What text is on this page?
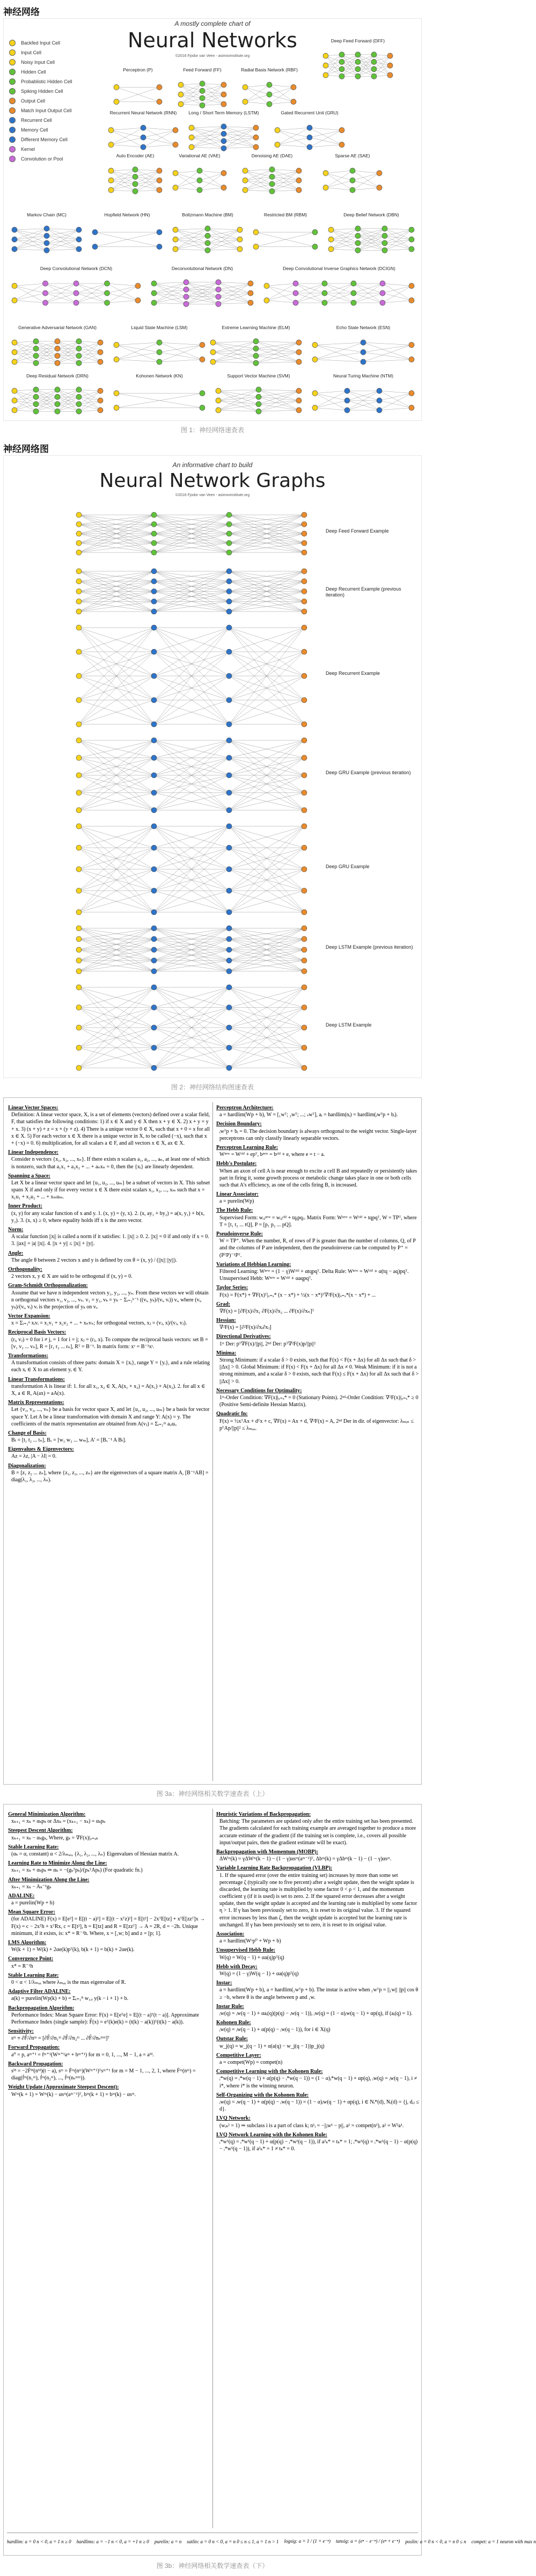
神经网络
A mostly complete chart of
Neural Networks
©2016 Fjodor van Veen - asimovinstitute.org
Backfed Input Cell
Input Cell
Noisy Input Cell
Hidden Cell
Probablistic Hidden Cell
Spiking Hidden Cell
Output Cell
Match Input Output Cell
Recurrent Cell
Memory Cell
Different Memory Cell
Kernel
Convolution or Pool
Perceptron (P)	Feed Forward (FF)	Radial Basis Network (RBF)
Deep Feed Forward (DFF)
Recurrent Neural Network (RNN)	Long / Short Term Memory (LSTM)	Gated Recurrent Unit (GRU)
Auto Encoder (AE)	Variational AE (VAE)	Denoising AE (DAE)	Sparse AE (SAE)
Markov Chain (MC)	Hopfield Network (HN)	Boltzmann Machine (BM)	Restricted BM (RBM)	Deep Belief Network (DBN)
Deep Convolutional Network (DCN)	Deconvolutional Network (DN)	Deep Convolutional Inverse Graphics Network (DCIGN)
Generative Adversarial Network (GAN)	Liquid State Machine (LSM)	Extreme Learning Machine (ELM)	Echo State Network (ESN)
Deep Residual Network (DRN)	Kohonen Network (KN)	Support Vector Machine (SVM)	Neural Turing Machine (NTM)
图 1：神经网络速查表
神经网络图
An informative chart to build
Neural Network Graphs
©2016 Fjodor van Veen - asimovinstitute.org
Deep Feed Forward Example
Deep Recurrent Example (previous iteration)
Deep Recurrent Example
Deep GRU Example (previous iteration)
Deep GRU Example
Deep LSTM Example (previous iteration)
Deep LSTM Example
图 2：神经网络结构图速查表
Linear Vector Spaces:
Definition: A linear vector space, X, is a set of elements (vectors) defined over a scalar field, F, that satisfies the following conditions: 1) if x ∈ X and y ∈ X then x + y ∈ X. 2) x + y = y + x. 3) (x + y) + z = x + (y + z). 4) There is a unique vector 0 ∈ X, such that x + 0 = x for all x ∈ X. 5) For each vector x ∈ X there is a unique vector in X, to be called (−x), such that x + (−x) = 0. 6) multiplication, for all scalars a ∈ F, and all vectors x ∈ X, ax ∈ X.
Linear Independence:
Consider n vectors {x₁, x₂, ..., xₙ}. If there exists n scalars a₁, a₂, ..., aₙ, at least one of which is nonzero, such that a₁x₁ + a₂x₂ + ... + aₙxₙ = 0, then the {xᵢ} are linearly dependent.
Spanning a Space:
Let X be a linear vector space and let {u₁, u₂, ..., uₘ} be a subset of vectors in X. This subset spans X if and only if for every vector x ∈ X there exist scalars x₁, x₂, ..., xₘ such that x = x₁u₁ + x₂u₂ + ... + xₘuₘ.
Inner Product:
(x, y) for any scalar function of x and y. 1. (x, y) = (y, x). 2. (x, ay₁ + by₂) = a(x, y₁) + b(x, y₂). 3. (x, x) ≥ 0, where equality holds iff x is the zero vector.
Norm:
A scalar function ||x|| is called a norm if it satisfies: 1. ||x|| ≥ 0. 2. ||x|| = 0 if and only if x = 0. 3. ||ax|| = |a| ||x||. 4. ||x + y|| ≤ ||x|| + ||y||.
Angle:
The angle θ between 2 vectors x and y is defined by cos θ = (x, y) / (||x|| ||y||).
Orthogonality:
2 vectors x, y ∈ X are said to be orthogonal if (x, y) = 0.
Gram-Schmidt Orthogonalization:
Assume that we have n independent vectors y₁, y₂, ..., yₙ. From these vectors we will obtain n orthogonal vectors v₁, v₂, ..., vₙ. v₁ = y₁, vₖ = yₖ − Σᵢ₌₁ᵏ⁻¹ ((vᵢ, yₖ)/(vᵢ, vᵢ)) vᵢ, where (vᵢ, yₖ)/(vᵢ, vᵢ) vᵢ is the projection of yₖ on vᵢ.
Vector Expansion:
x = Σᵢ₌₁ⁿ xᵢvᵢ = x₁v₁ + x₂v₂ + ... + xₙvₙ; for orthogonal vectors, xⱼ = (vⱼ, x)/(vⱼ, vⱼ).
Reciprocal Basis Vectors:
(rᵢ, vⱼ) = 0 for i ≠ j, = 1 for i = j; xⱼ = (rⱼ, x). To compute the reciprocal basis vectors: set B = [v₁ v₂ ... vₙ], R = [r₁ r₂ ... rₙ], Rᵀ = B⁻¹. In matrix form: xᵛ = B⁻¹xˢ.
Transformations:
A transformation consists of three parts: domain X = {xᵢ}, range Y = {yᵢ}, and a rule relating each xᵢ ∈ X to an element yᵢ ∈ Y.
Linear Transformations:
transformation A is linear if: 1. for all x₁, x₂ ∈ X, A(x₁ + x₂) = A(x₁) + A(x₂). 2. for all x ∈ X, a ∈ R, A(ax) = aA(x).
Matrix Representations:
Let {v₁, v₂, ..., vₙ} be a basis for vector space X, and let {u₁, u₂, ..., uₘ} be a basis for vector space Y. Let A be a linear transformation with domain X and range Y: A(x) = y. The coefficients of the matrix representation are obtained from A(vⱼ) = Σᵢ₌₁ᵐ aᵢⱼuᵢ.
Change of Basis:
Bₜ = [t₁ t₂ ... tₙ], Bᵥ = [w₁ w₂ ... wₘ], A' = [Bᵥ⁻¹ A Bₜ].
Eigenvalues & Eigenvectors:
Az = λz, |A − λI| = 0.
Diagonalization:
B = [z₁ z₂ ... zₙ], where {z₁, z₂, ..., zₙ} are the eigenvectors of a square matrix A, [B⁻¹AB] = diag(λ₁, λ₂, ..., λₙ).
Perceptron Architecture:
a = hardlim(Wp + b), W = [₁wᵀ; ₂wᵀ; ...; ₛwᵀ], aᵢ = hardlim(nᵢ) = hardlim(ᵢwᵀp + bᵢ).
Decision Boundary:
ᵢwᵀp + bᵢ = 0. The decision boundary is always orthogonal to the weight vector. Single-layer perceptrons can only classify linearly separable vectors.
Perceptron Learning Rule:
Wⁿᵉʷ = Wᵒˡᵈ + epᵀ, bⁿᵉʷ = bᵒˡᵈ + e, where e = t − a.
Hebb's Postulate:
When an axon of cell A is near enough to excite a cell B and repeatedly or persistently takes part in firing it, some growth process or metabolic change takes place in one or both cells such that A's efficiency, as one of the cells firing B, is increased.
Linear Associator:
a = purelin(Wp)
The Hebb Rule:
Supervised Form: wᵢⱼⁿᵉʷ = wᵢⱼᵒˡᵈ + tqᵢpqⱼ. Matrix Form: Wⁿᵉʷ = Wᵒˡᵈ + tqpqᵀ, W = TPᵀ, where T = [t₁ t₂ ... tQ], P = [p₁ p₂ ... pQ].
Pseudoinverse Rule:
W = TP⁺. When the number, R, of rows of P is greater than the number of columns, Q, of P and the columns of P are independent, then the pseudoinverse can be computed by P⁺ = (PᵀP)⁻¹Pᵀ.
Variations of Hebbian Learning:
Filtered Learning: Wⁿᵉʷ = (1 − γ)Wᵒˡᵈ + αtqpqᵀ. Delta Rule: Wⁿᵉʷ = Wᵒˡᵈ + α(tq − aq)pqᵀ. Unsupervised Hebb: Wⁿᵉʷ = Wᵒˡᵈ + αaqpqᵀ.
Taylor Series:
F(x) = F(x*) + ∇F(x)ᵀ|ₓ₌ₓ* (x − x*) + ½(x − x*)ᵀ∇²F(x)|ₓ₌ₓ*(x − x*) + ...
Grad:
∇F(x) = [∂F(x)/∂x₁ ∂F(x)/∂x₂ ... ∂F(x)/∂xₙ]ᵀ
Hessian:
∇²F(x) = [∂²F(x)/∂xᵢ∂xⱼ]
Directional Derivatives:
1ˢᵗ Der: pᵀ∇F(x)/||p||, 2ⁿᵈ Der: pᵀ∇²F(x)p/||p||²
Minima:
Strong Minimum: if a scalar δ > 0 exists, such that F(x) < F(x + Δx) for all Δx such that δ > ||Δx|| > 0. Global Minimum: if F(x) < F(x + Δx) for all Δx ≠ 0. Weak Minimum: if it is not a strong minimum, and a scalar δ > 0 exists, such that F(x) ≤ F(x + Δx) for all Δx such that δ > ||Δx|| > 0.
Necessary Conditions for Optimality:
1ˢᵗ-Order Condition: ∇F(x)|ₓ₌ₓ* = 0 (Stationary Points). 2ⁿᵈ-Order Condition: ∇²F(x)|ₓ₌ₓ* ≥ 0 (Positive Semi-definite Hessian Matrix).
Quadratic fn:
F(x) = ½xᵀAx + dᵀx + c, ∇F(x) = Ax + d, ∇²F(x) = A, 2ⁿᵈ Der in dir. of eigenvector: λₘᵢₙ ≤ pᵀAp/||p||² ≤ λₘₐₓ.
图 3a：神经网络相关数学速查表（上）
General Minimization Algorithm:
xₖ₊₁ = xₖ + αₖpₖ or Δxₖ = (xₖ₊₁ − xₖ) = αₖpₖ
Steepest Descent Algorithm:
xₖ₊₁ = xₖ − αₖgₖ, Where, gₖ = ∇F(x)|ₓ₌ₓₖ
Stable Learning Rate:
(αₖ = α, constant) α < 2/λₘₐₓ, {λ₁, λ₂, ..., λₙ} Eigenvalues of Hessian matrix A.
Learning Rate to Minimize Along the Line:
xₖ₊₁ = xₖ + αₖpₖ ⇒ αₖ = −(gₖᵀpₖ)/(pₖᵀApₖ) (For quadratic fn.)
After Minimization Along the Line:
xₖ₊₁ = xₖ − Aₖ⁻¹gₖ
ADALINE:
a = purelin(Wp + b)
Mean Square Error:
(for ADALINE) F(x) = E[e²] = E[(t − a)²] = E[(t − xᵀz)²] = E[t²] − 2xᵀE[tz] + xᵀE[zzᵀ]x → F(x) = c − 2xᵀh + xᵀRx, c = E[t²], h = E[tz] and R = E[zzᵀ] → A = 2R, d = −2h. Unique minimum, if it exists, is: x* = R⁻¹h. Where, x = [₁w; b] and z = [p; 1].
LMS Algorithm:
W(k + 1) = W(k) + 2αe(k)pᵀ(k), b(k + 1) = b(k) + 2αe(k).
Convergence Point:
x* = R⁻¹h
Stable Learning Rate:
0 < α < 1/λₘₐₓ where λₘₐₓ is the max eigenvalue of R.
Adaptive Filter ADALINE:
a(k) = purelin(Wp(k) + b) = Σᵢ₌₁ᴿ w₁,ᵢ y(k − i + 1) + b.
Backpropagation Algorithm:
Performance Index: Mean Square Error: F(x) = E[eᵀe] = E[(t − a)ᵀ(t − a)]. Approximate Performance Index (single sample): F̂(x) = eᵀ(k)e(k) = (t(k) − a(k))ᵀ(t(k) − a(k)).
Sensitivity:
sᵐ ≡ ∂F̂/∂nᵐ = [∂F̂/∂n₁ᵐ ∂F̂/∂n₂ᵐ ... ∂F̂/∂nₛᵐᵐ]ᵀ
Forward Propagation:
a⁰ = p, aᵐ⁺¹ = fᵐ⁺¹(Wᵐ⁺¹aᵐ + bᵐ⁺¹) for m = 0, 1, ..., M − 1, a = aᴹ.
Backward Propagation:
sᴹ = −2Ḟᴹ(nᴹ)(t − a), sᵐ = Ḟᵐ(nᵐ)(Wᵐ⁺¹)ᵀsᵐ⁺¹ for m = M − 1, ..., 2, 1, where Ḟᵐ(nᵐ) = diag(ḟᵐ(n₁ᵐ), ḟᵐ(n₂ᵐ), ..., ḟᵐ(nₛᵐᵐ)).
Weight Update (Approximate Steepest Descent):
Wᵐ(k + 1) = Wᵐ(k) − αsᵐ(aᵐ⁻¹)ᵀ, bᵐ(k + 1) = bᵐ(k) − αsᵐ.
Heuristic Variations of Backpropagation:
Batching: The parameters are updated only after the entire training set has been presented. The gradients calculated for each training example are averaged together to produce a more accurate estimate of the gradient (if the training set is complete, i.e., covers all possible input/output pairs, then the gradient estimate will be exact).
Backpropagation with Momentum (MOBP):
ΔWᵐ(k) = γΔWᵐ(k − 1) − (1 − γ)αsᵐ(aᵐ⁻¹)ᵀ, Δbᵐ(k) = γΔbᵐ(k − 1) − (1 − γ)αsᵐ.
Variable Learning Rate Backpropagation (VLBP):
1. If the squared error (over the entire training set) increases by more than some set percentage ζ (typically one to five percent) after a weight update, then the weight update is discarded, the learning rate is multiplied by some factor 0 < ρ < 1, and the momentum coefficient γ (if it is used) is set to zero. 2. If the squared error decreases after a weight update, then the weight update is accepted and the learning rate is multiplied by some factor η > 1. If γ has been previously set to zero, it is reset to its original value. 3. If the squared error increases by less than ζ, then the weight update is accepted but the learning rate is unchanged. If γ has been previously set to zero, it is reset to its original value.
Association:
a = hardlim(Wᵒp⁰ + Wp + b)
Unsupervised Hebb Rule:
W(q) = W(q − 1) + αa(q)pᵀ(q)
Hebb with Decay:
W(q) = (1 − γ)W(q − 1) + αa(q)pᵀ(q)
Instar:
a = hardlim(Wp + b), a = hardlim(₁wᵀp + b). The instar is active when ₁wᵀp = ||₁w|| ||p|| cos θ ≥ −b, where θ is the angle between p and ₁w.
Instar Rule:
ᵢw(q) = ᵢw(q − 1) + αaᵢ(q)(p(q) − ᵢw(q − 1)), ᵢw(q) = (1 − α)ᵢw(q − 1) + αp(q), if (aᵢ(q) = 1).
Kohonen Rule:
ᵢw(q) = ᵢw(q − 1) + α(p(q) − ᵢw(q − 1)), for i ∈ X(q)
Outstar Rule:
w_j(q) = w_j(q − 1) + α(a(q) − w_j(q − 1))p_j(q)
Competitive Layer:
a = compet(Wp) = compet(n)
Competitive Learning with the Kohonen Rule:
ᵢ*w(q) = ᵢ*w(q − 1) + α(p(q) − ᵢ*w(q − 1)) = (1 − α)ᵢ*w(q − 1) + αp(q), ᵢw(q) = ᵢw(q − 1), i ≠ i*, where i* is the winning neuron.
Self-Organizing with the Kohonen Rule:
ᵢw(q) = ᵢw(q − 1) + α(p(q) − ᵢw(q − 1)) = (1 − α)ᵢw(q − 1) + αp(q), i ∈ Nᵢ*(d), Nᵢ(d) = {j, dᵢⱼ ≤ d}.
LVQ Network:
(wᵢₖ² = 1) ⇒ subclass i is a part of class k; n¹ᵢ = −||ᵢw¹ − p||, a¹ = compet(n¹), a² = W²a¹.
LVQ Network Learning with the Kohonen Rule:
ᵢ*w¹(q) = ᵢ*w¹(q − 1) + α(p(q) − ᵢ*w¹(q − 1)), if a²ₖ* = tₖ* = 1; ᵢ*w¹(q) = ᵢ*w¹(q − 1) − α(p(q) − ᵢ*w¹(q − 1)), if a²ₖ* = 1 ≠ tₖ* = 0.
hardlim: a = 0 n < 0, a = 1 n ≥ 0 hardlims: a = −1 n < 0, a = +1 n ≥ 0 purelin: a = n satlin: a = 0 n < 0, a = n 0 ≤ n ≤ 1, a = 1 n > 1 logsig: a = 1 / (1 + e⁻ⁿ) tansig: a = (eⁿ − e⁻ⁿ) / (eⁿ + e⁻ⁿ) poslin: a = 0 n < 0, a = n 0 ≤ n compet: a = 1 neuron with max n
图 3b：神经网络相关数学速查表（下）
